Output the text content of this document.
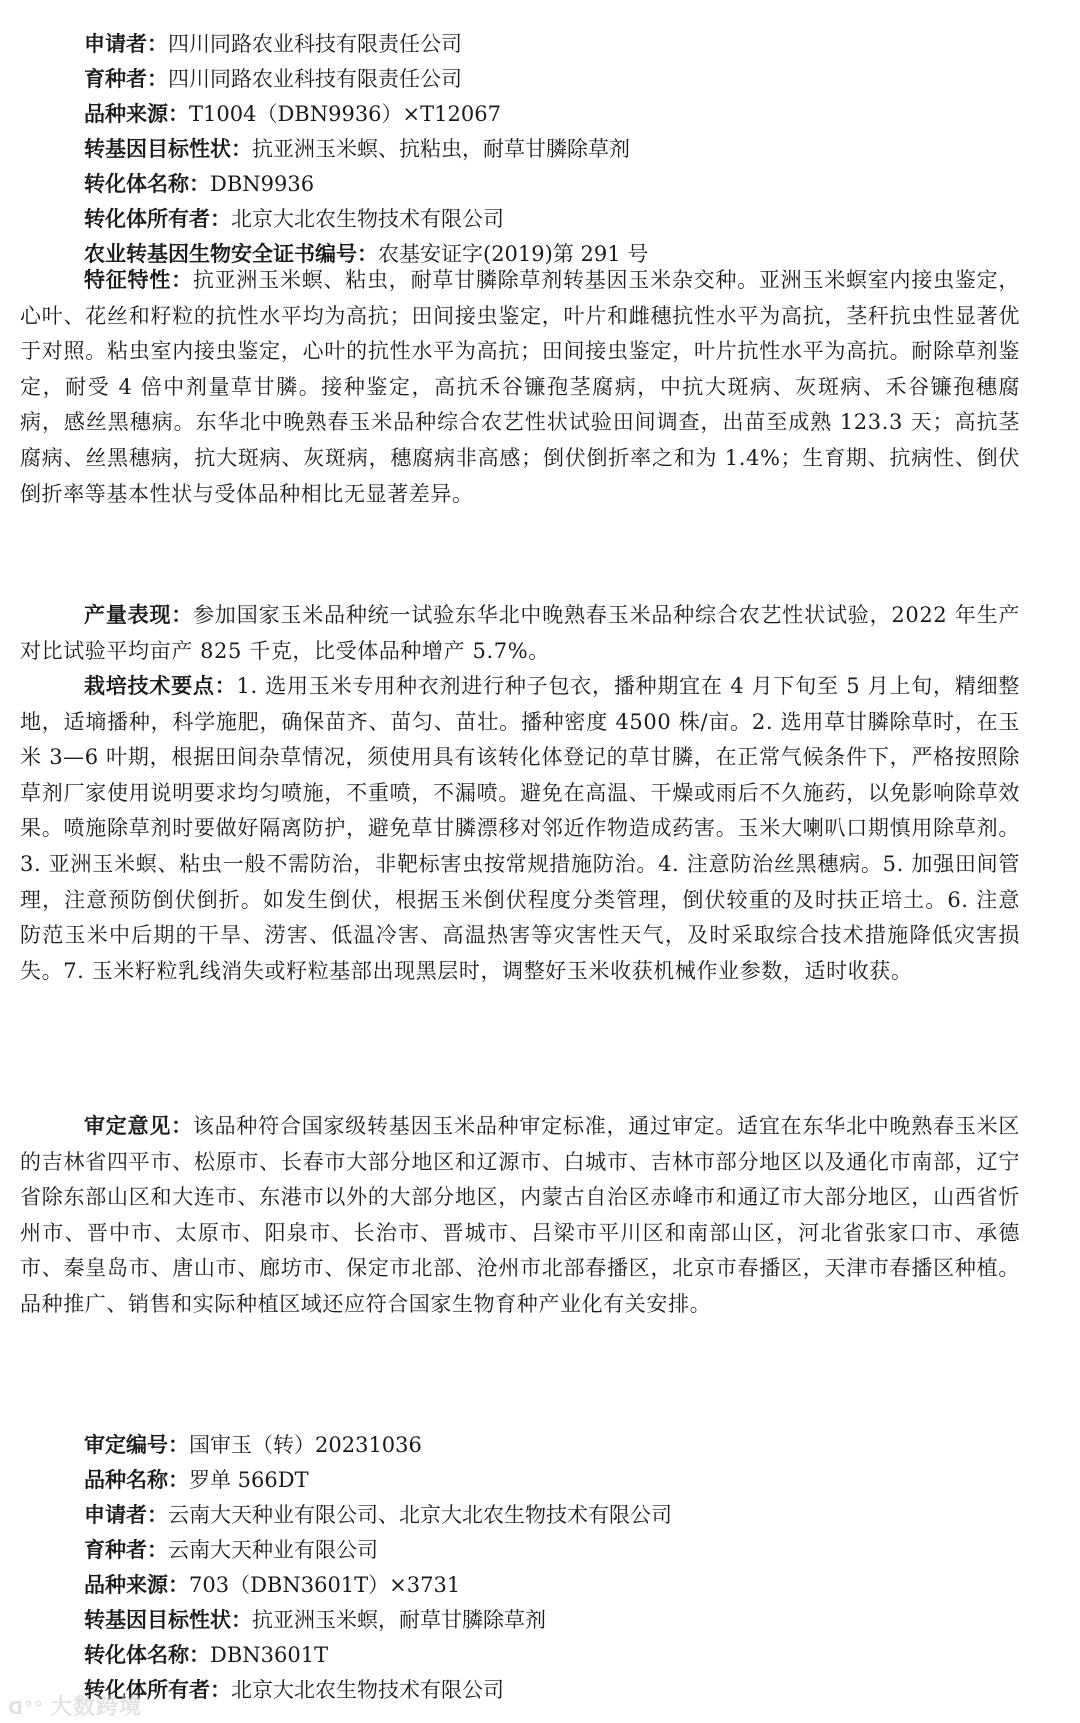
申请者：四川同路农业科技有限责任公司

育种者：四川同路农业科技有限责任公司

品种来源：T1004（DBN9936）×T12067

转基因目标性状：抗亚洲玉米螟、抗粘虫，耐草甘膦除草剂

转化体名称：DBN9936

转化体所有者：北京大北农生物技术有限公司

农业转基因生物安全证书编号：农基安证字(2019)第 291 号

特征特性：抗亚洲玉米螟、粘虫，耐草甘膦除草剂转基因玉米杂交种。亚洲玉米螟室内接虫鉴定，心叶、花丝和籽粒的抗性水平均为高抗；田间接虫鉴定，叶片和雌穗抗性水平为高抗，茎秆抗虫性显著优于对照。粘虫室内接虫鉴定，心叶的抗性水平为高抗；田间接虫鉴定，叶片抗性水平为高抗。耐除草剂鉴定，耐受 4 倍中剂量草甘膦。接种鉴定，高抗禾谷镰孢茎腐病，中抗大斑病、灰斑病、禾谷镰孢穗腐病，感丝黑穗病。东华北中晚熟春玉米品种综合农艺性状试验田间调查，出苗至成熟 123.3 天；高抗茎腐病、丝黑穗病，抗大斑病、灰斑病，穗腐病非高感；倒伏倒折率之和为 1.4%；生育期、抗病性、倒伏倒折率等基本性状与受体品种相比无显著差异。

产量表现：参加国家玉米品种统一试验东华北中晚熟春玉米品种综合农艺性状试验，2022 年生产对比试验平均亩产 825 千克，比受体品种增产 5.7%。

栽培技术要点：1. 选用玉米专用种衣剂进行种子包衣，播种期宜在 4 月下旬至 5 月上旬，精细整地，适墒播种，科学施肥，确保苗齐、苗匀、苗壮。播种密度 4500 株/亩。2. 选用草甘膦除草时，在玉米 3—6 叶期，根据田间杂草情况，须使用具有该转化体登记的草甘膦，在正常气候条件下，严格按照除草剂厂家使用说明要求均匀喷施，不重喷，不漏喷。避免在高温、干燥或雨后不久施药，以免影响除草效果。喷施除草剂时要做好隔离防护，避免草甘膦漂移对邻近作物造成药害。玉米大喇叭口期慎用除草剂。3. 亚洲玉米螟、粘虫一般不需防治，非靶标害虫按常规措施防治。4. 注意防治丝黑穗病。5. 加强田间管理，注意预防倒伏倒折。如发生倒伏，根据玉米倒伏程度分类管理，倒伏较重的及时扶正培土。6. 注意防范玉米中后期的干旱、涝害、低温冷害、高温热害等灾害性天气，及时采取综合技术措施降低灾害损失。7. 玉米籽粒乳线消失或籽粒基部出现黑层时，调整好玉米收获机械作业参数，适时收获。

审定意见：该品种符合国家级转基因玉米品种审定标准，通过审定。适宜在东华北中晚熟春玉米区的吉林省四平市、松原市、长春市大部分地区和辽源市、白城市、吉林市部分地区以及通化市南部，辽宁省除东部山区和大连市、东港市以外的大部分地区，内蒙古自治区赤峰市和通辽市大部分地区，山西省忻州市、晋中市、太原市、阳泉市、长治市、晋城市、吕梁市平川区和南部山区，河北省张家口市、承德市、秦皇岛市、唐山市、廊坊市、保定市北部、沧州市北部春播区，北京市春播区，天津市春播区种植。品种推广、销售和实际种植区域还应符合国家生物育种产业化有关安排。

审定编号：国审玉（转）20231036

品种名称：罗单 566DT

申请者：云南大天种业有限公司、北京大北农生物技术有限公司

育种者：云南大天种业有限公司

品种来源：703（DBN3601T）×3731

转基因目标性状：抗亚洲玉米螟，耐草甘膦除草剂

转化体名称：DBN3601T

转化体所有者：北京大北农生物技术有限公司

ᗡ°° 大数跨境
